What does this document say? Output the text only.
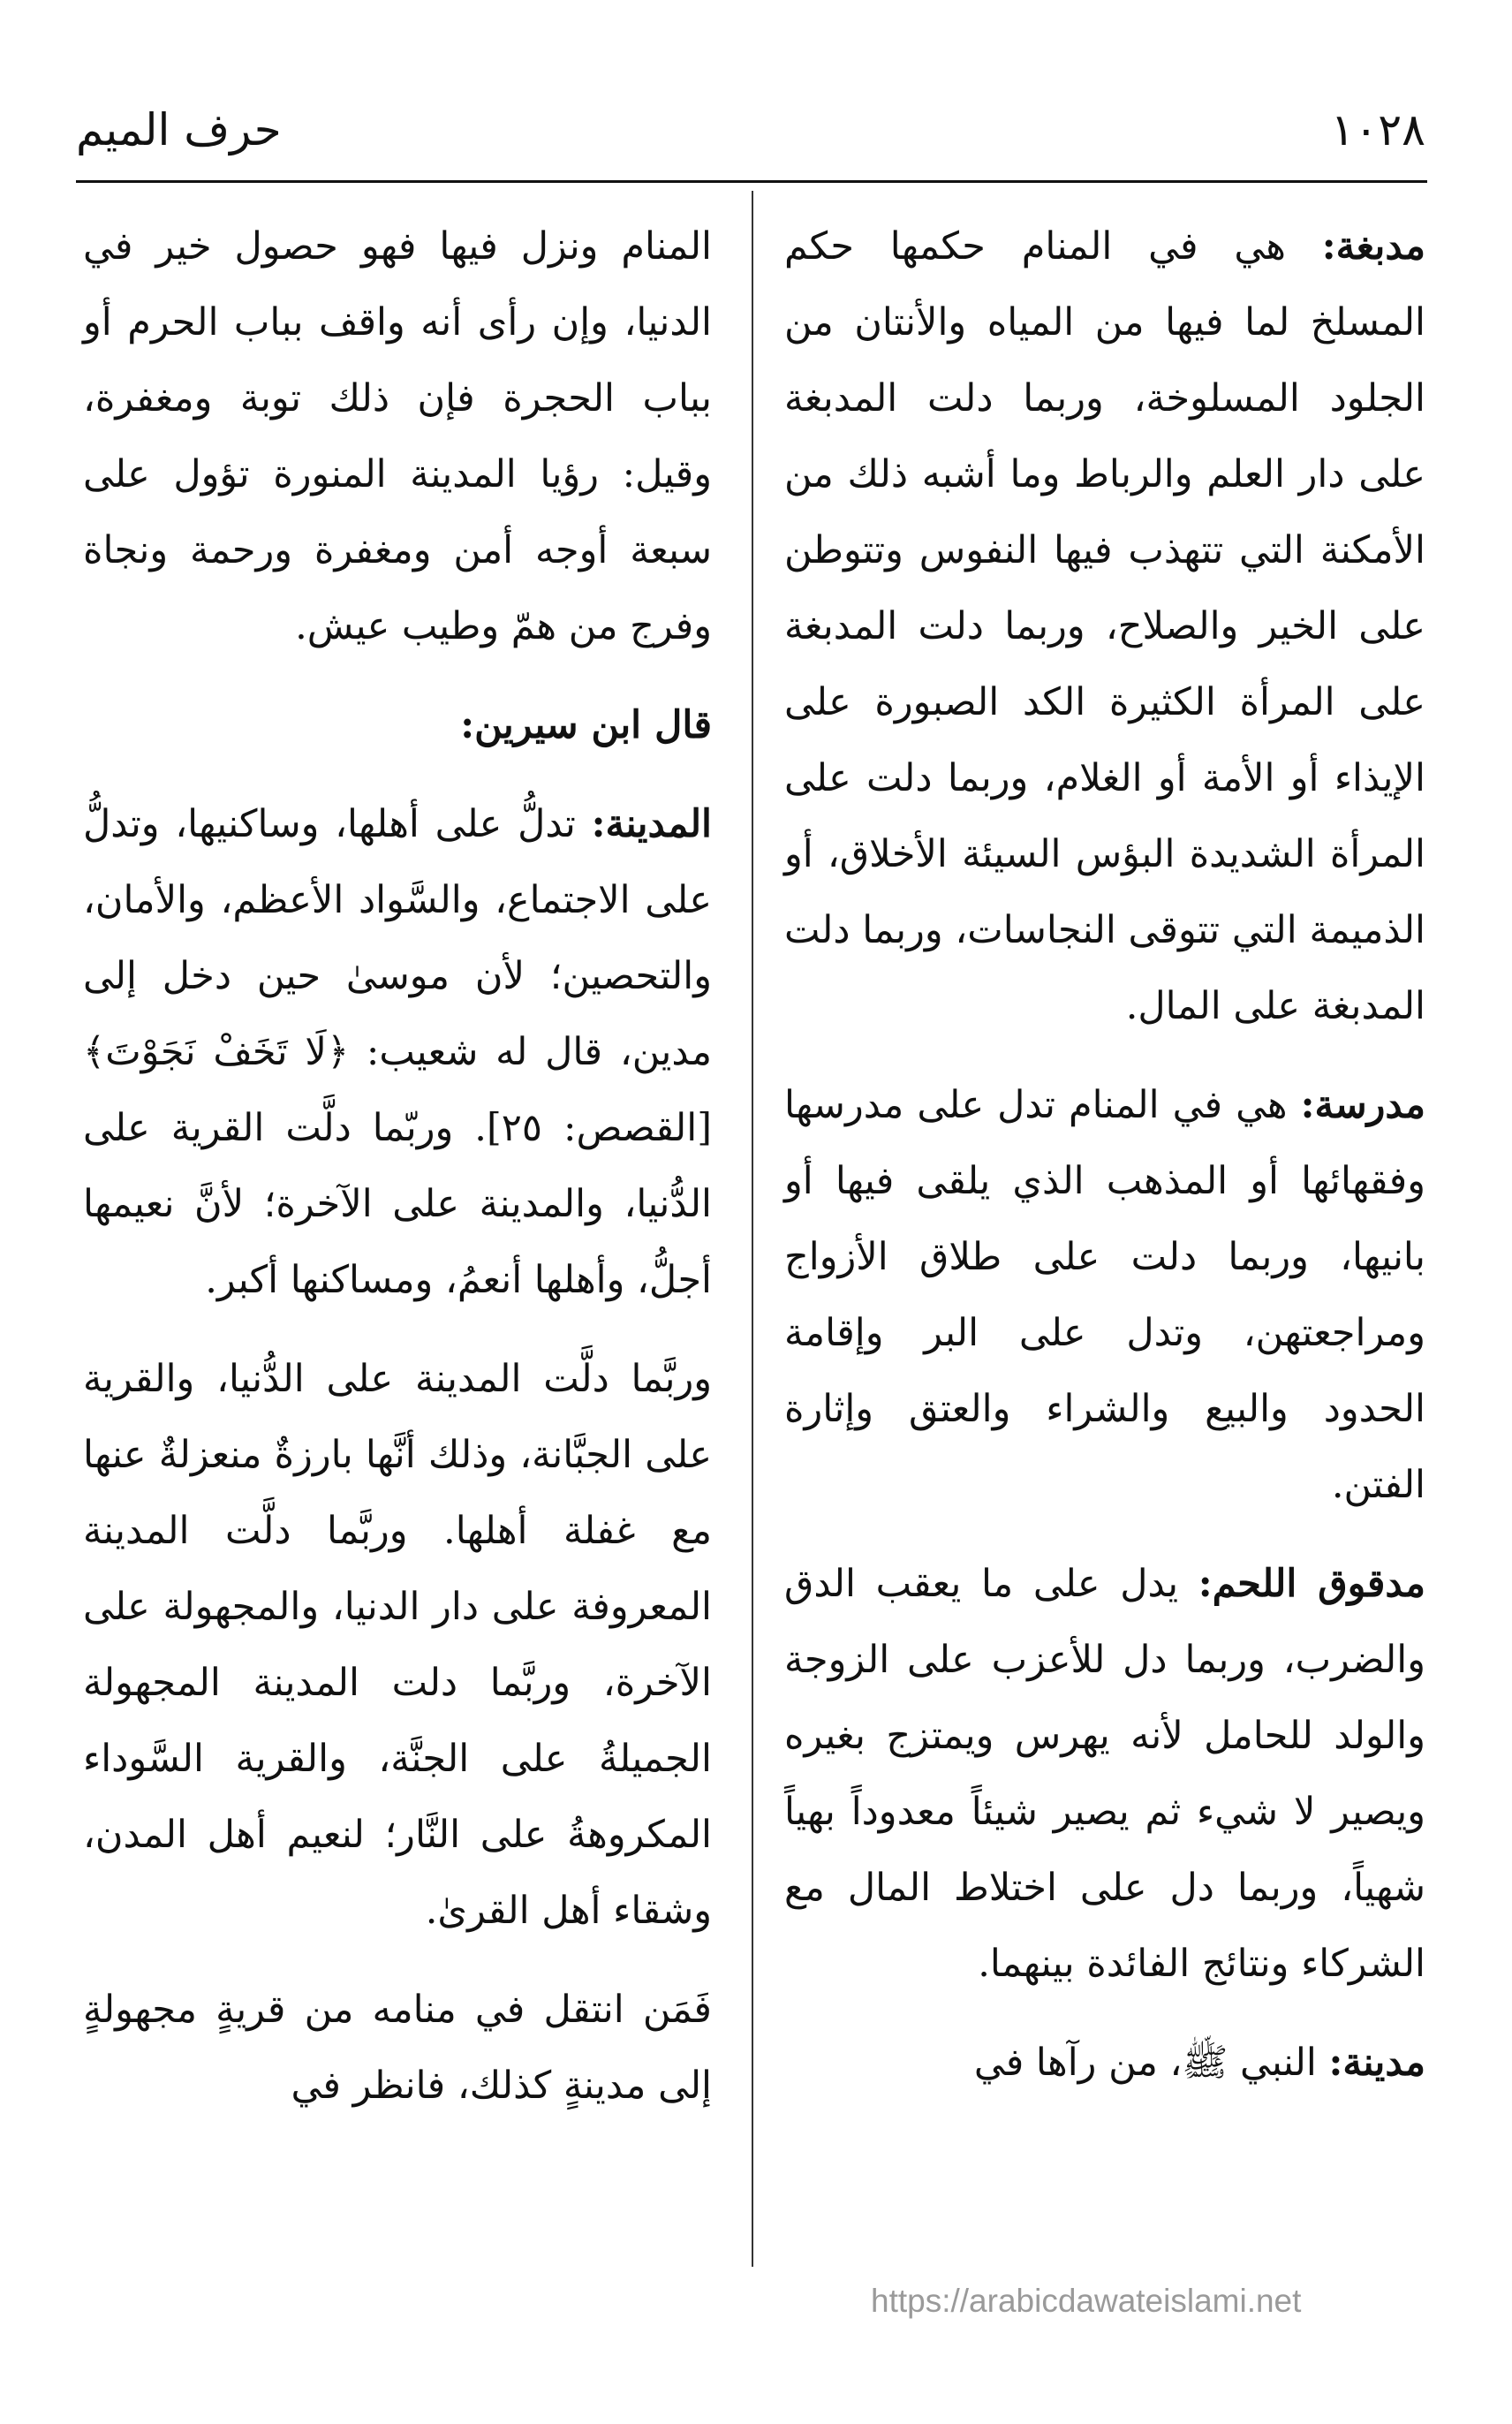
١٠٢٨
حرف الميم

مدبغة: هي في المنام حكمها حكم المسلخ لما فيها من المياه والأنتان من الجلود المسلوخة، وربما دلت المدبغة على دار العلم والرباط وما أشبه ذلك من الأمكنة التي تتهذب فيها النفوس وتتوطن على الخير والصلاح، وربما دلت المدبغة على المرأة الكثيرة الكد الصبورة على الإيذاء أو الأمة أو الغلام، وربما دلت على المرأة الشديدة البؤس السيئة الأخلاق، أو الذميمة التي تتوقى النجاسات، وربما دلت المدبغة على المال.

مدرسة: هي في المنام تدل على مدرسها وفقهائها أو المذهب الذي يلقى فيها أو بانيها، وربما دلت على طلاق الأزواج ومراجعتهن، وتدل على البر وإقامة الحدود والبيع والشراء والعتق وإثارة الفتن.

مدقوق اللحم: يدل على ما يعقب الدق والضرب، وربما دل للأعزب على الزوجة والولد للحامل لأنه يهرس ويمتزج بغيره ويصير لا شيء ثم يصير شيئاً معدوداً بهياً شهياً، وربما دل على اختلاط المال مع الشركاء ونتائج الفائدة بينهما.

مدينة: النبي ﷺ، من رآها في

المنام ونزل فيها فهو حصول خير في الدنيا، وإن رأى أنه واقف بباب الحرم أو بباب الحجرة فإن ذلك توبة ومغفرة، وقيل: رؤيا المدينة المنورة تؤول على سبعة أوجه أمن ومغفرة ورحمة ونجاة وفرج من همّ وطيب عيش.

قال ابن سيرين:

المدينة: تدلُّ على أهلها، وساكنيها، وتدلُّ على الاجتماع، والسَّواد الأعظم، والأمان، والتحصين؛ لأن موسىٰ حين دخل إلى مدين، قال له شعيب: ﴿لَا تَخَفْ نَجَوْتَ﴾ [القصص: ٢٥]. وربّما دلَّت القرية على الدُّنيا، والمدينة على الآخرة؛ لأنَّ نعيمها أجلُّ، وأهلها أنعمُ، ومساكنها أكبر.

وربَّما دلَّت المدينة على الدُّنيا، والقرية على الجبَّانة، وذلك أنَّها بارزةٌ منعزلةٌ عنها مع غفلة أهلها. وربَّما دلَّت المدينة المعروفة على دار الدنيا، والمجهولة على الآخرة، وربَّما دلت المدينة المجهولة الجميلةُ على الجنَّة، والقرية السَّوداء المكروهةُ على النَّار؛ لنعيم أهل المدن، وشقاء أهل القرىٰ.

فَمَن انتقل في منامه من قريةٍ مجهولةٍ إلى مدينةٍ كذلك، فانظر في

https://arabicdawateislami.net
